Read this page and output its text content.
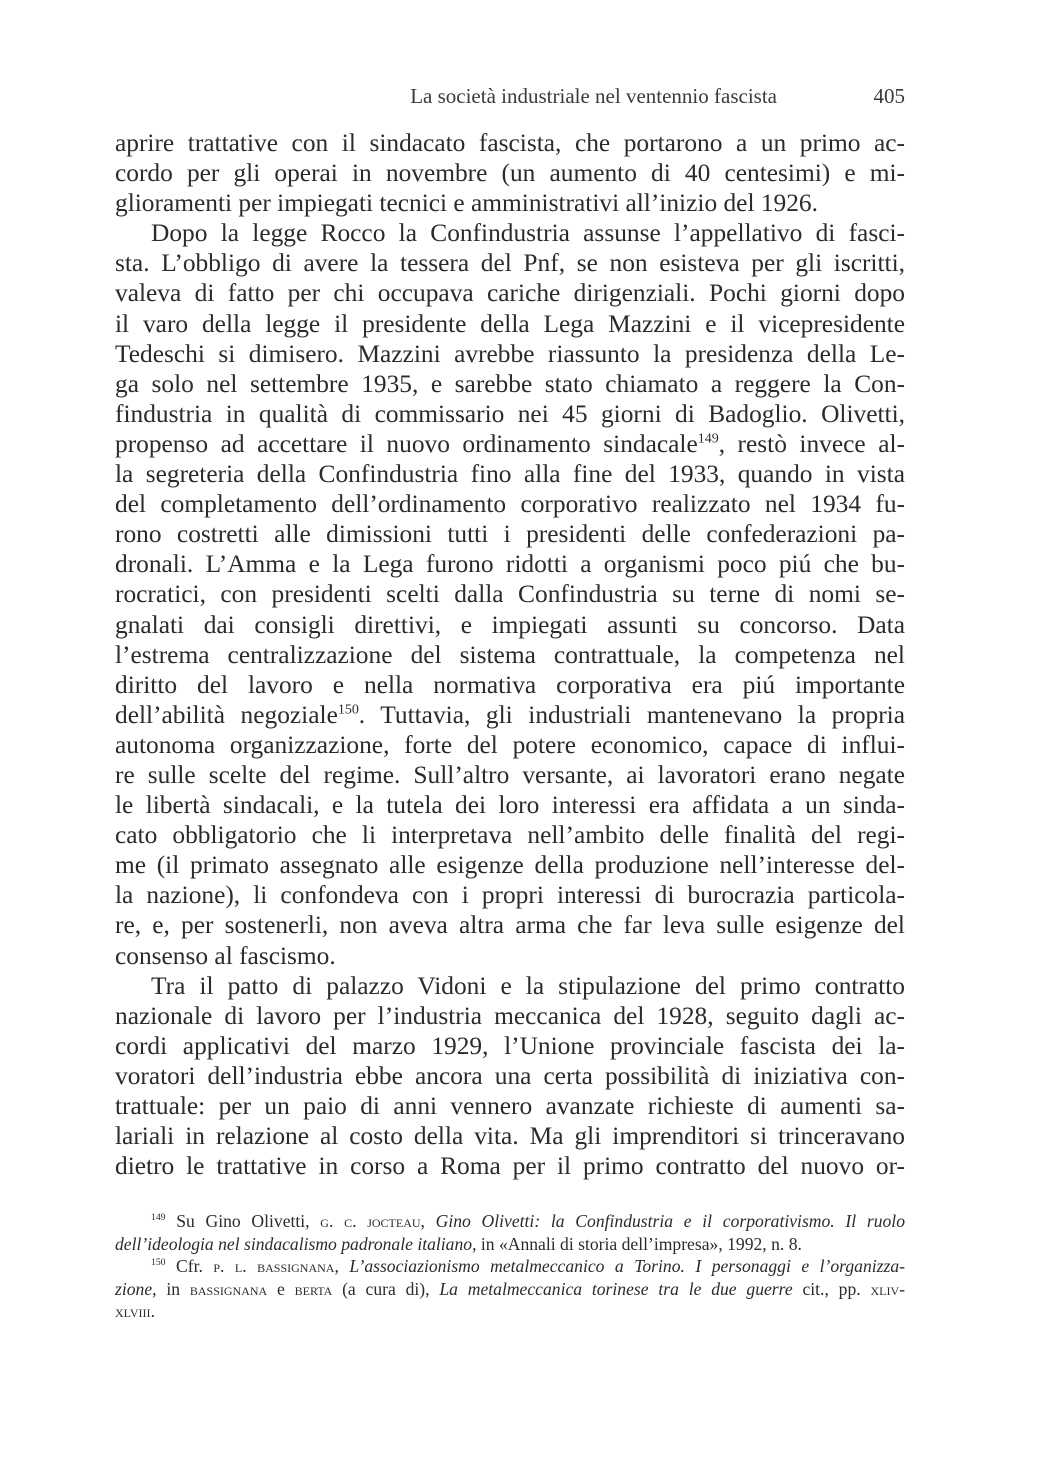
La società industriale nel ventennio fascista	405
aprire trattative con il sindacato fascista, che portarono a un primo ac-
cordo per gli operai in novembre (un aumento di 40 centesimi) e mi-
glioramenti per impiegati tecnici e amministrativi all’inizio del 1926.
Dopo la legge Rocco la Confindustria assunse l’appellativo di fasci-
sta. L’obbligo di avere la tessera del Pnf, se non esisteva per gli iscritti,
valeva di fatto per chi occupava cariche dirigenziali. Pochi giorni dopo
il varo della legge il presidente della Lega Mazzini e il vicepresidente
Tedeschi si dimisero. Mazzini avrebbe riassunto la presidenza della Le-
ga solo nel settembre 1935, e sarebbe stato chiamato a reggere la Con-
findustria in qualità di commissario nei 45 giorni di Badoglio. Olivetti,
propenso ad accettare il nuovo ordinamento sindacale$^{149}$, restò invece al-
la segreteria della Confindustria fino alla fine del 1933, quando in vista
del completamento dell’ordinamento corporativo realizzato nel 1934 fu-
rono costretti alle dimissioni tutti i presidenti delle confederazioni pa-
dronali. L’Amma e la Lega furono ridotti a organismi poco piú che bu-
rocratici, con presidenti scelti dalla Confindustria su terne di nomi se-
gnalati dai consigli direttivi, e impiegati assunti su concorso. Data
l’estrema centralizzazione del sistema contrattuale, la competenza nel
diritto del lavoro e nella normativa corporativa era piú importante
dell’abilità negoziale$^{150}$. Tuttavia, gli industriali mantenevano la propria
autonoma organizzazione, forte del potere economico, capace di influi-
re sulle scelte del regime. Sull’altro versante, ai lavoratori erano negate
le libertà sindacali, e la tutela dei loro interessi era affidata a un sinda-
cato obbligatorio che li interpretava nell’ambito delle finalità del regi-
me (il primato assegnato alle esigenze della produzione nell’interesse del-
la nazione), li confondeva con i propri interessi di burocrazia particola-
re, e, per sostenerli, non aveva altra arma che far leva sulle esigenze del
consenso al fascismo.
Tra il patto di palazzo Vidoni e la stipulazione del primo contratto
nazionale di lavoro per l’industria meccanica del 1928, seguito dagli ac-
cordi applicativi del marzo 1929, l’Unione provinciale fascista dei la-
voratori dell’industria ebbe ancora una certa possibilità di iniziativa con-
trattuale: per un paio di anni vennero avanzate richieste di aumenti sa-
lariali in relazione al costo della vita. Ma gli imprenditori si trinceravano
dietro le trattative in corso a Roma per il primo contratto del nuovo or-
$^{149}$ Su Gino Olivetti, g. c. jocteau, Gino Olivetti: la Confindustria e il corporativismo. Il ruolo
dell’ideologia nel sindacalismo padronale italiano, in «Annali di storia dell’impresa», 1992, n. 8.
$^{150}$ Cfr. p. l. bassignana, L’associazionismo metalmeccanico a Torino. I personaggi e l’organizza-
zione, in bassignana e berta (a cura di), La metalmeccanica torinese tra le due guerre cit., pp. xliv-
xlviii.
